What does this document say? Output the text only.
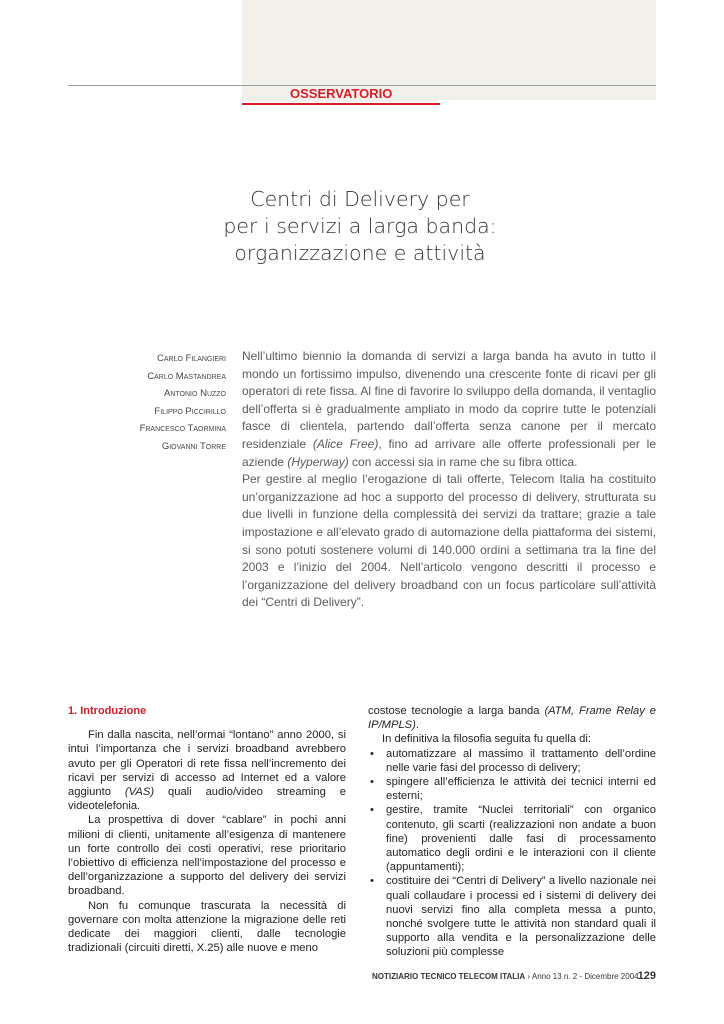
OSSERVATORIO
Centri di Delivery per
per i servizi a larga banda:
organizzazione e attività
Carlo Filangieri
Carlo Mastandrea
Antonio Nuzzo
Filippo Piccirillo
Francesco Taormina
Giovanni Torre

Nell’ultimo biennio la domanda di servizi a larga banda ha avuto in tutto il mondo un fortissimo impulso, divenendo una crescente fonte di ricavi per gli operatori di rete fissa. Al fine di favorire lo sviluppo della domanda, il ventaglio dell’offerta si è gradualmente ampliato in modo da coprire tutte le potenziali fasce di clientela, partendo dall’offerta senza canone per il mercato residenziale (Alice Free), fino ad arrivare alle offerte professionali per le aziende (Hyperway) con accessi sia in rame che su fibra ottica.

Per gestire al meglio l’erogazione di tali offerte, Telecom Italia ha costituito un’organizzazione ad hoc a supporto del processo di delivery, strutturata su due livelli in funzione della complessità dei servizi da trattare; grazie a tale impostazione e all’elevato grado di automazione della piattaforma dei sistemi, si sono potuti sostenere volumi di 140.000 ordini a settimana tra la fine del 2003 e l’inizio del 2004. Nell’articolo vengono descritti il processo e l’organizzazione del delivery broadband con un focus particolare sull’attività dei “Centri di Delivery”.

1. Introduzione

Fin dalla nascita, nell’ormai “lontano” anno 2000, si intuì l’importanza che i servizi broadband avrebbero avuto per gli Operatori di rete fissa nell’incremento dei ricavi per servizi di accesso ad Internet ed a valore aggiunto (VAS) quali audio/video streaming e videotelefonia.

La prospettiva di dover “cablare” in pochi anni milioni di clienti, unitamente all’esigenza di mantenere un forte controllo dei costi operativi, rese prioritario l’obiettivo di efficienza nell’impostazione del processo e dell’organizzazione a supporto del delivery dei servizi broadband.

Non fu comunque trascurata la necessità di governare con molta attenzione la migrazione delle reti dedicate dei maggiori clienti, dalle tecnologie tradizionali (circuiti diretti, X.25) alle nuove e meno

costose tecnologie a larga banda (ATM, Frame Relay e IP/MPLS).

In definitiva la filosofia seguita fu quella di:

• automatizzare al massimo il trattamento dell’ordine nelle varie fasi del processo di delivery;
• spingere all’efficienza le attività dei tecnici interni ed esterni;
• gestire, tramite “Nuclei territoriali” con organico contenuto, gli scarti (realizzazioni non andate a buon fine) provenienti dalle fasi di processamento automatico degli ordini e le interazioni con il cliente (appuntamenti);
• costituire dei “Centri di Delivery” a livello nazionale nei quali collaudare i processi ed i sistemi di delivery dei nuovi servizi fino alla completa messa a punto, nonché svolgere tutte le attività non standard quali il supporto alla vendita e la personalizzazione delle soluzioni più complesse
NOTIZIARIO TECNICO TELECOM ITALIA › Anno 13 n. 2 - Dicembre 2004 129
